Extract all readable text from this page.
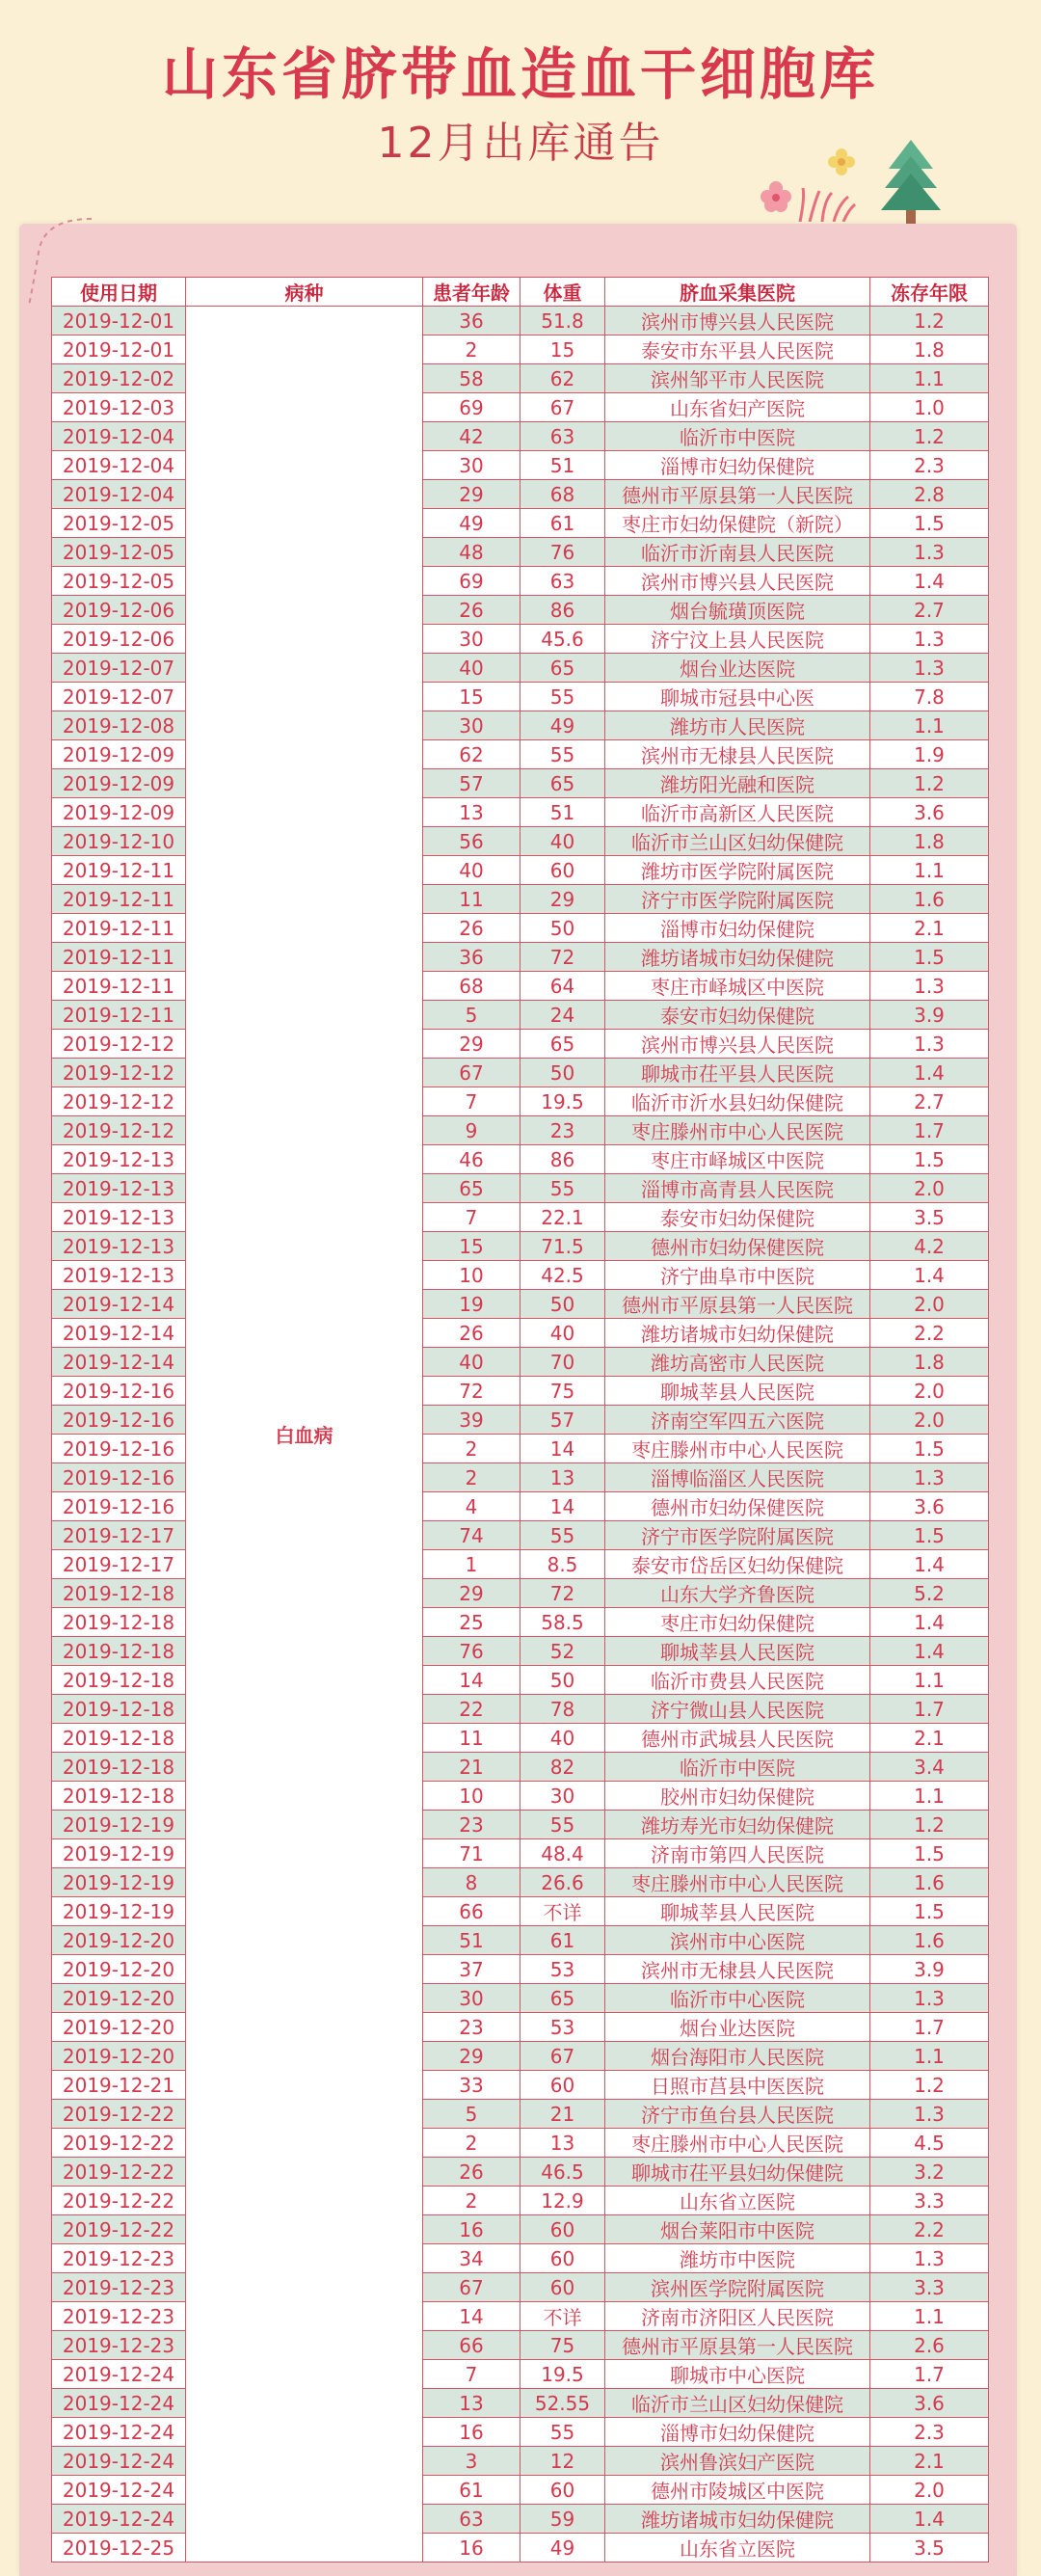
山东省脐带血造血干细胞库
12月出库通告
使用日期	病种	患者年龄	体重	脐血采集医院	冻存年限
2019-12-01	白血病	36	51.8	滨州市博兴县人民医院	1.2
2019-12-01		2	15	泰安市东平县人民医院	1.8
2019-12-02		58	62	滨州邹平市人民医院	1.1
2019-12-03		69	67	山东省妇产医院	1.0
2019-12-04		42	63	临沂市中医院	1.2
2019-12-04		30	51	淄博市妇幼保健院	2.3
2019-12-04		29	68	德州市平原县第一人民医院	2.8
2019-12-05		49	61	枣庄市妇幼保健院（新院）	1.5
2019-12-05		48	76	临沂市沂南县人民医院	1.3
2019-12-05		69	63	滨州市博兴县人民医院	1.4
2019-12-06		26	86	烟台毓璜顶医院	2.7
2019-12-06		30	45.6	济宁汶上县人民医院	1.3
2019-12-07		40	65	烟台业达医院	1.3
2019-12-07		15	55	聊城市冠县中心医	7.8
2019-12-08		30	49	潍坊市人民医院	1.1
2019-12-09		62	55	滨州市无棣县人民医院	1.9
2019-12-09		57	65	潍坊阳光融和医院	1.2
2019-12-09		13	51	临沂市高新区人民医院	3.6
2019-12-10		56	40	临沂市兰山区妇幼保健院	1.8
2019-12-11		40	60	潍坊市医学院附属医院	1.1
2019-12-11		11	29	济宁市医学院附属医院	1.6
2019-12-11		26	50	淄博市妇幼保健院	2.1
2019-12-11		36	72	潍坊诸城市妇幼保健院	1.5
2019-12-11		68	64	枣庄市峄城区中医院	1.3
2019-12-11		5	24	泰安市妇幼保健院	3.9
2019-12-12		29	65	滨州市博兴县人民医院	1.3
2019-12-12		67	50	聊城市茌平县人民医院	1.4
2019-12-12		7	19.5	临沂市沂水县妇幼保健院	2.7
2019-12-12		9	23	枣庄滕州市中心人民医院	1.7
2019-12-13		46	86	枣庄市峄城区中医院	1.5
2019-12-13		65	55	淄博市高青县人民医院	2.0
2019-12-13		7	22.1	泰安市妇幼保健院	3.5
2019-12-13		15	71.5	德州市妇幼保健医院	4.2
2019-12-13		10	42.5	济宁曲阜市中医院	1.4
2019-12-14		19	50	德州市平原县第一人民医院	2.0
2019-12-14		26	40	潍坊诸城市妇幼保健院	2.2
2019-12-14		40	70	潍坊高密市人民医院	1.8
2019-12-16		72	75	聊城莘县人民医院	2.0
2019-12-16		39	57	济南空军四五六医院	2.0
2019-12-16		2	14	枣庄滕州市中心人民医院	1.5
2019-12-16		2	13	淄博临淄区人民医院	1.3
2019-12-16		4	14	德州市妇幼保健医院	3.6
2019-12-17		74	55	济宁市医学院附属医院	1.5
2019-12-17		1	8.5	泰安市岱岳区妇幼保健院	1.4
2019-12-18		29	72	山东大学齐鲁医院	5.2
2019-12-18		25	58.5	枣庄市妇幼保健院	1.4
2019-12-18		76	52	聊城莘县人民医院	1.4
2019-12-18		14	50	临沂市费县人民医院	1.1
2019-12-18		22	78	济宁微山县人民医院	1.7
2019-12-18		11	40	德州市武城县人民医院	2.1
2019-12-18		21	82	临沂市中医院	3.4
2019-12-18		10	30	胶州市妇幼保健院	1.1
2019-12-19		23	55	潍坊寿光市妇幼保健院	1.2
2019-12-19		71	48.4	济南市第四人民医院	1.5
2019-12-19		8	26.6	枣庄滕州市中心人民医院	1.6
2019-12-19		66	不详	聊城莘县人民医院	1.5
2019-12-20		51	61	滨州市中心医院	1.6
2019-12-20		37	53	滨州市无棣县人民医院	3.9
2019-12-20		30	65	临沂市中心医院	1.3
2019-12-20		23	53	烟台业达医院	1.7
2019-12-20		29	67	烟台海阳市人民医院	1.1
2019-12-21		33	60	日照市莒县中医医院	1.2
2019-12-22		5	21	济宁市鱼台县人民医院	1.3
2019-12-22		2	13	枣庄滕州市中心人民医院	4.5
2019-12-22		26	46.5	聊城市茌平县妇幼保健院	3.2
2019-12-22		2	12.9	山东省立医院	3.3
2019-12-22		16	60	烟台莱阳市中医院	2.2
2019-12-23		34	60	潍坊市中医院	1.3
2019-12-23		67	60	滨州医学院附属医院	3.3
2019-12-23		14	不详	济南市济阳区人民医院	1.1
2019-12-23		66	75	德州市平原县第一人民医院	2.6
2019-12-24		7	19.5	聊城市中心医院	1.7
2019-12-24		13	52.55	临沂市兰山区妇幼保健院	3.6
2019-12-24		16	55	淄博市妇幼保健院	2.3
2019-12-24		3	12	滨州鲁滨妇产医院	2.1
2019-12-24		61	60	德州市陵城区中医院	2.0
2019-12-24		63	59	潍坊诸城市妇幼保健院	1.4
2019-12-25		16	49	山东省立医院	3.5
